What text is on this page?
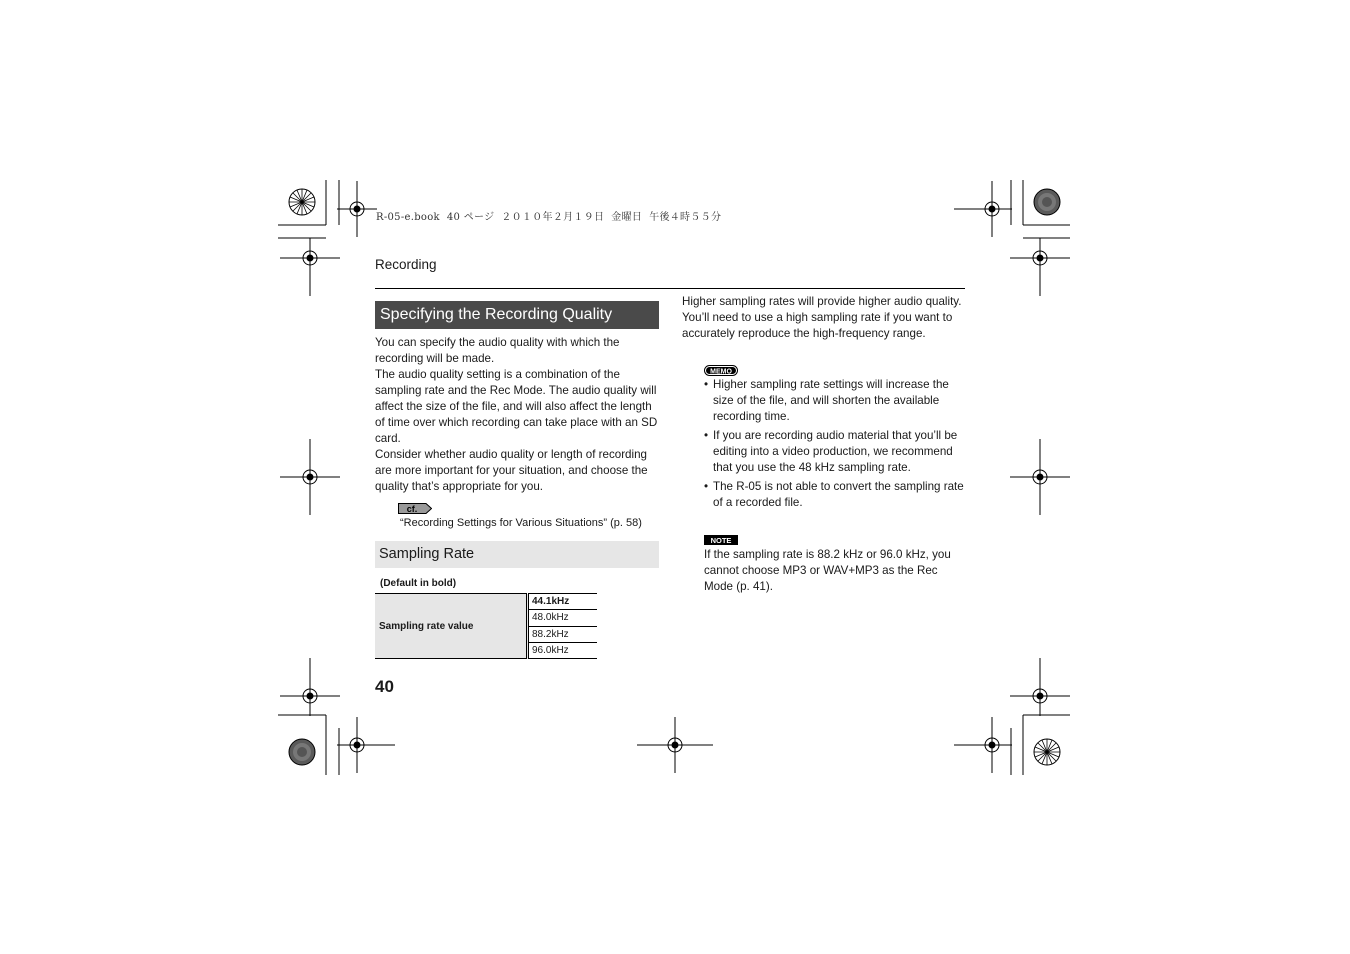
R-05-e.book  40 ページ  ２０１０年２月１９日  金曜日  午後４時５５分
Recording
Specifying the Recording Quality

You can specify the audio quality with which the recording will be made.

The audio quality setting is a combination of the sampling rate and the Rec Mode. The audio quality will affect the size of the file, and will also affect the length of time over which recording can take place with an SD card.

Consider whether audio quality or length of recording are more important for your situation, and choose the quality that’s appropriate for you.

cf.
“Recording Settings for Various Situations” (p. 58)
Sampling Rate
(Default in bold)
Sampling rate value	44.1kHz
48.0kHz
88.2kHz
96.0kHz
40

Higher sampling rates will provide higher audio quality. You’ll need to use a high sampling rate if you want to accurately reproduce the high-frequency range.

MEMO
• Higher sampling rate settings will increase the size of the file, and will shorten the available recording time.
• If you are recording audio material that you’ll be editing into a video production, we recommend that you use the 48 kHz sampling rate.
• The R-05 is not able to convert the sampling rate of a recorded file.
NOTE
If the sampling rate is 88.2 kHz or 96.0 kHz, you cannot choose MP3 or WAV+MP3 as the Rec Mode (p. 41).
